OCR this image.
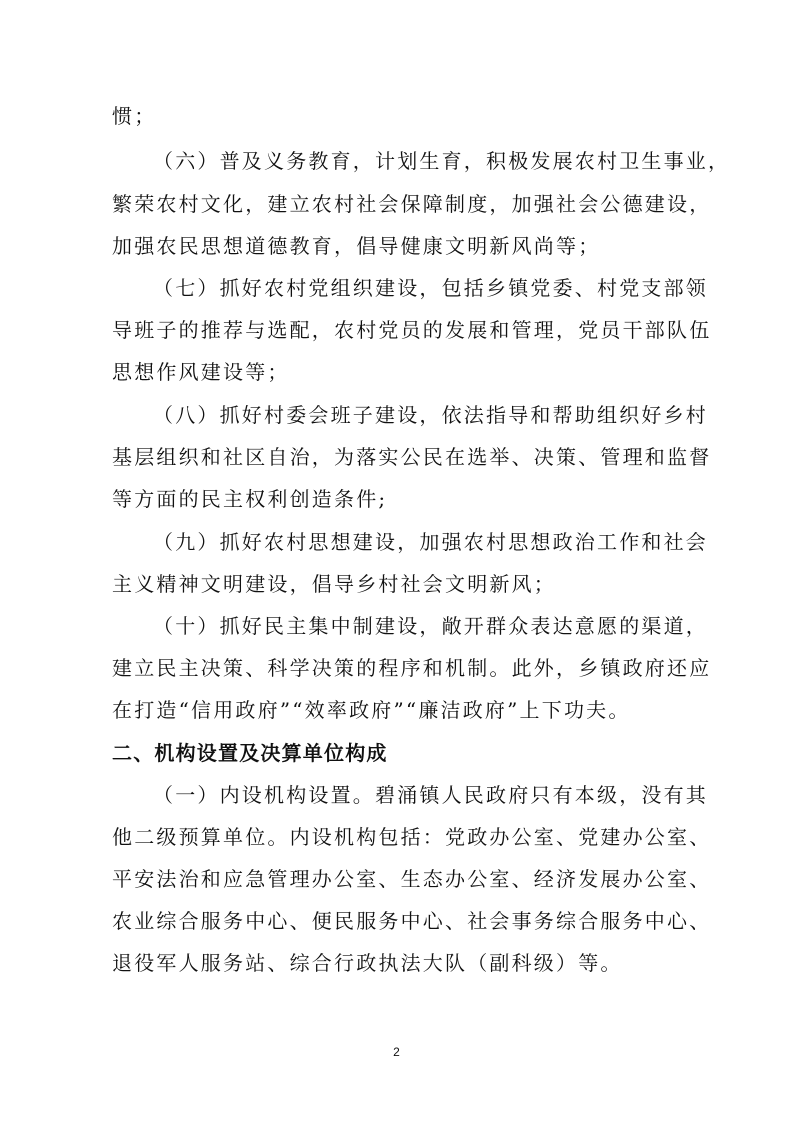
惯；
（六）普及义务教育，计划生育，积极发展农村卫生事业，
繁荣农村文化，建立农村社会保障制度，加强社会公德建设，
加强农民思想道德教育，倡导健康文明新风尚等；
（七）抓好农村党组织建设，包括乡镇党委、村党支部领
导班子的推荐与选配，农村党员的发展和管理，党员干部队伍
思想作风建设等；
（八）抓好村委会班子建设，依法指导和帮助组织好乡村
基层组织和社区自治，为落实公民在选举、决策、管理和监督
等方面的民主权利创造条件;
（九）抓好农村思想建设，加强农村思想政治工作和社会
主义精神文明建设，倡导乡村社会文明新风；
（十）抓好民主集中制建设，敞开群众表达意愿的渠道，
建立民主决策、科学决策的程序和机制。此外，乡镇政府还应
在打造“信用政府”“效率政府”“廉洁政府”上下功夫。
二、机构设置及决算单位构成
（一）内设机构设置。碧涌镇人民政府只有本级，没有其
他二级预算单位。内设机构包括：党政办公室、党建办公室、
平安法治和应急管理办公室、生态办公室、经济发展办公室、
农业综合服务中心、便民服务中心、社会事务综合服务中心、
退役军人服务站、综合行政执法大队（副科级）等。
2
